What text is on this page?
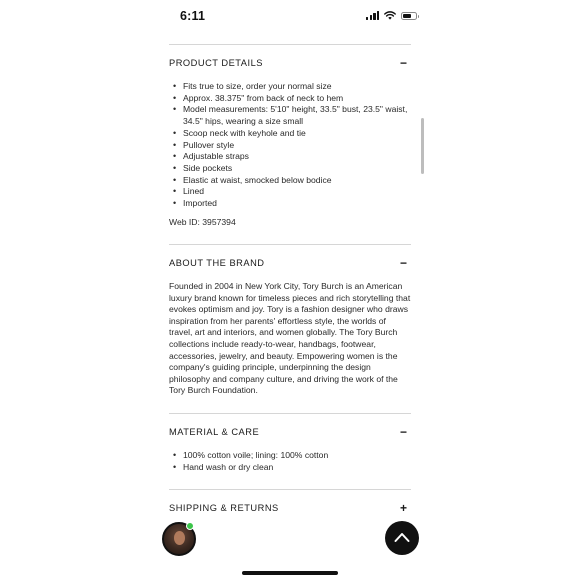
6:11
PRODUCT DETAILS	−
• Fits true to size, order your normal size
• Approx. 38.375" from back of neck to hem
• Model measurements: 5'10" height, 33.5" bust, 23.5" waist, 34.5" hips, wearing a size small
• Scoop neck with keyhole and tie
• Pullover style
• Adjustable straps
• Side pockets
• Elastic at waist, smocked below bodice
• Lined
• Imported
Web ID: 3957394
ABOUT THE BRAND	−

Founded in 2004 in New York City, Tory Burch is an American luxury brand known for timeless pieces and rich storytelling that evokes optimism and joy. Tory is a fashion designer who draws inspiration from her parents' effortless style, the worlds of travel, art and interiors, and women globally. The Tory Burch collections include ready-to-wear, handbags, footwear, accessories, jewelry, and beauty. Empowering women is the company's guiding principle, underpinning the design philosophy and company culture, and driving the work of the Tory Burch Foundation.

MATERIAL & CARE	−
• 100% cotton voile; lining: 100% cotton
• Hand wash or dry clean
SHIPPING & RETURNS	+
